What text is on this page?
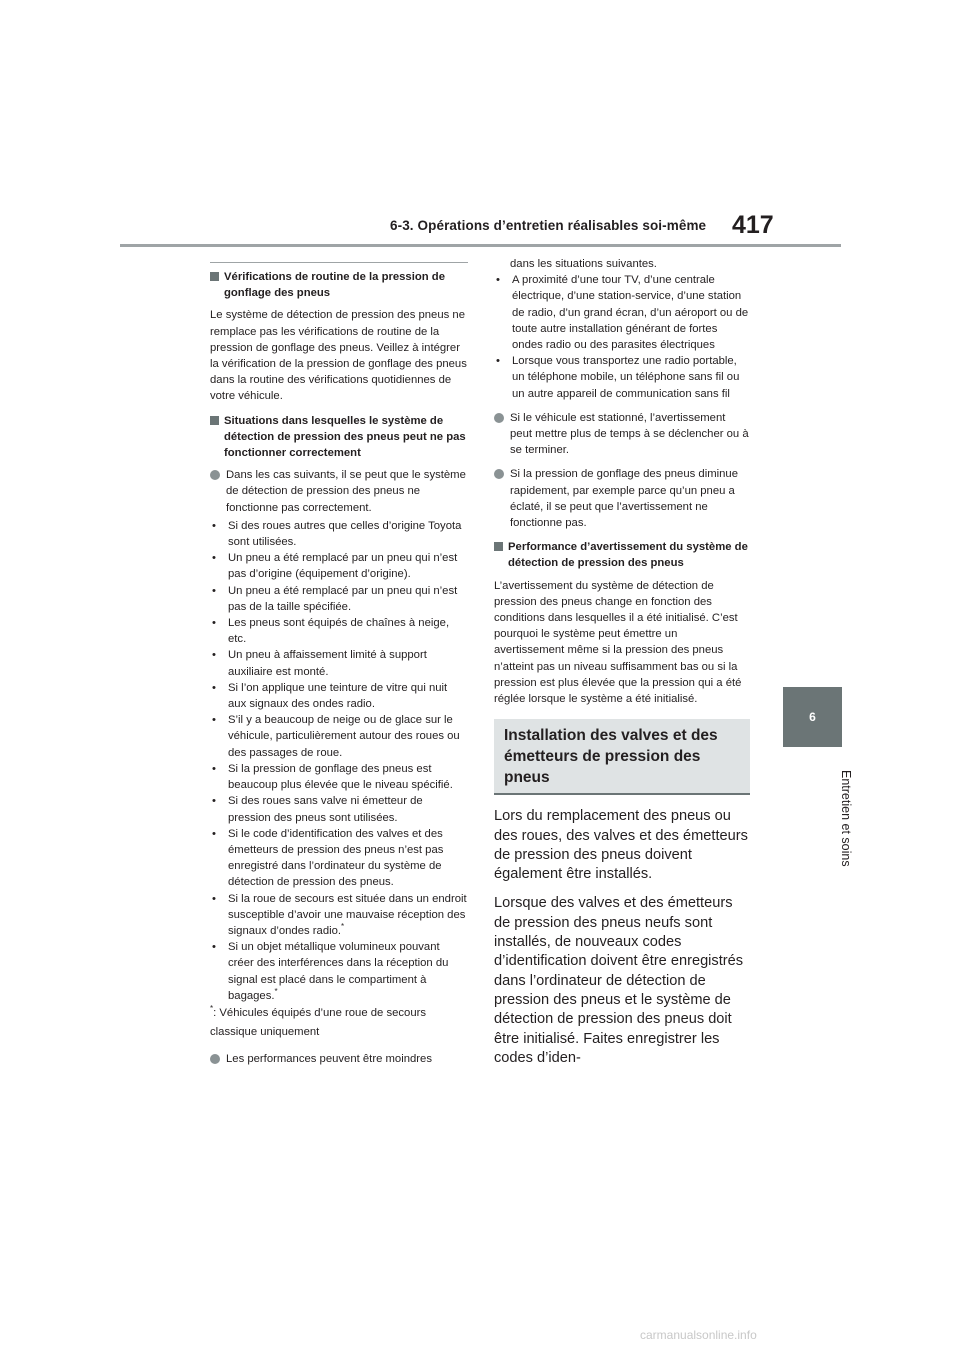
6-3. Opérations d’entretien réalisables soi-même 417
6
Entretien et soins
Vérifications de routine de la pression de gonflage des pneus
Le système de détection de pression des pneus ne remplace pas les vérifications de routine de la pression de gonflage des pneus. Veillez à intégrer la vérification de la pression de gonflage des pneus dans la routine des vérifications quotidiennes de votre véhicule.
Situations dans lesquelles le système de détection de pression des pneus peut ne pas fonctionner correctement
Dans les cas suivants, il se peut que le système de détection de pression des pneus ne fonctionne pas correctement.
•	Si des roues autres que celles d’origine Toyota sont utilisées.
•	Un pneu a été remplacé par un pneu qui n’est pas d’origine (équipement d’origine).
•	Un pneu a été remplacé par un pneu qui n’est pas de la taille spécifiée.
•	Les pneus sont équipés de chaînes à neige, etc.
•	Un pneu à affaissement limité à support auxiliaire est monté.
•	Si l’on applique une teinture de vitre qui nuit aux signaux des ondes radio.
•	S’il y a beaucoup de neige ou de glace sur le véhicule, particulièrement autour des roues ou des passages de roue.
•	Si la pression de gonflage des pneus est beaucoup plus élevée que le niveau spécifié.
•	Si des roues sans valve ni émetteur de pression des pneus sont utilisées.
•	Si le code d’identification des valves et des émetteurs de pression des pneus n’est pas enregistré dans l’ordinateur du système de détection de pression des pneus.
•	Si la roue de secours est située dans un endroit susceptible d’avoir une mauvaise réception des signaux d’ondes radio.*
•	Si un objet métallique volumineux pouvant créer des interférences dans la réception du signal est placé dans le compartiment à bagages.*
*: Véhicules équipés d’une roue de secours classique uniquement
Les performances peuvent être moindres
dans les situations suivantes.
•	A proximité d’une tour TV, d’une centrale électrique, d’une station-service, d’une station de radio, d’un grand écran, d’un aéroport ou de toute autre installation générant de fortes ondes radio ou des parasites électriques
•	Lorsque vous transportez une radio portable, un téléphone mobile, un téléphone sans fil ou un autre appareil de communication sans fil
Si le véhicule est stationné, l’avertissement peut mettre plus de temps à se déclencher ou à se terminer.
Si la pression de gonflage des pneus diminue rapidement, par exemple parce qu’un pneu a éclaté, il se peut que l’avertissement ne fonctionne pas.
Performance d’avertissement du système de détection de pression des pneus
L’avertissement du système de détection de pression des pneus change en fonction des conditions dans lesquelles il a été initialisé. C’est pourquoi le système peut émettre un avertissement même si la pression des pneus n’atteint pas un niveau suffisamment bas ou si la pression est plus élevée que la pression qui a été réglée lorsque le système a été initialisé.
Installation des valves et des émetteurs de pression des pneus
Lors du remplacement des pneus ou des roues, des valves et des émetteurs de pression des pneus doivent également être installés.
Lorsque des valves et des émetteurs de pression des pneus neufs sont installés, de nouveaux codes d’identification doivent être enregistrés dans l’ordinateur de détection de pression des pneus et le système de détection de pression des pneus doit être initialisé. Faites enregistrer les codes d’iden-
carmanualsonline.info
